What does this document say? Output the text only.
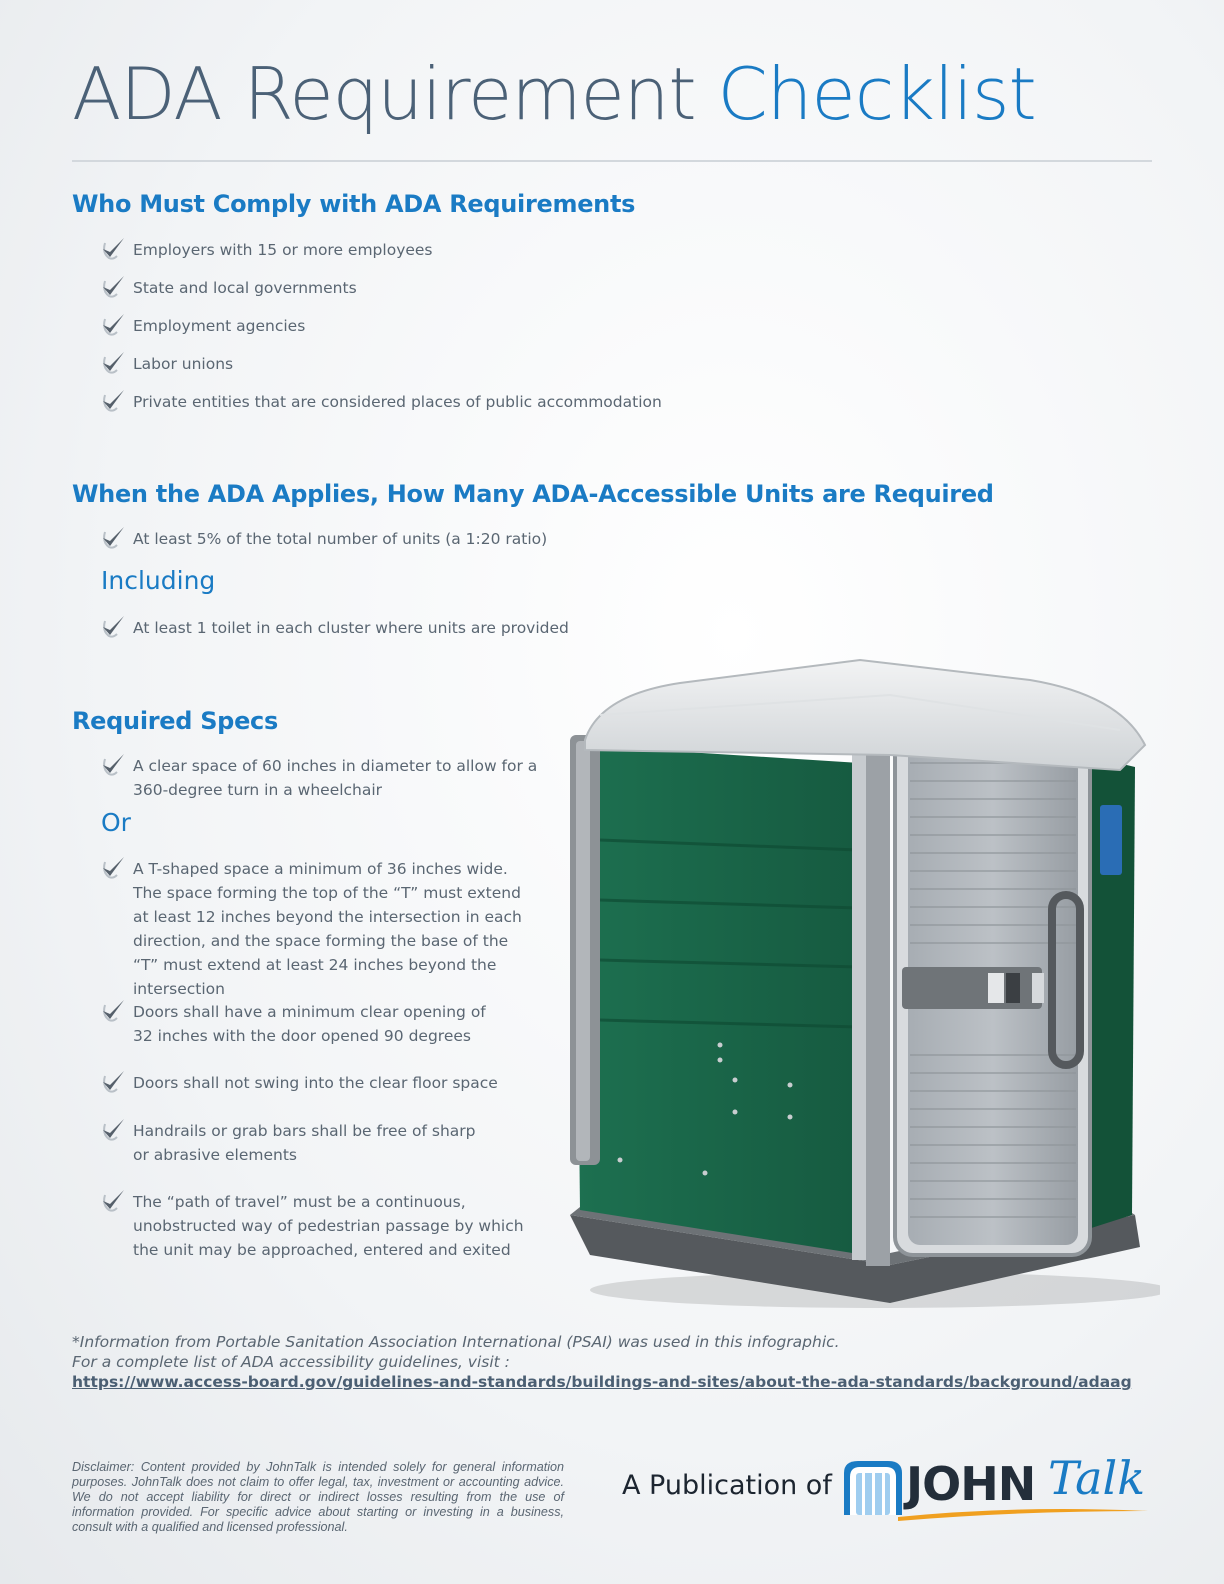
ADA Requirement Checklist
Who Must Comply with ADA Requirements
Employers with 15 or more employees
State and local governments
Employment agencies
Labor unions
Private entities that are considered places of public accommodation
When the ADA Applies, How Many ADA-Accessible Units are Required
At least 5% of the total number of units (a 1:20 ratio)
Including
At least 1 toilet in each cluster where units are provided
Required Specs
A clear space of 60 inches in diameter to allow for a 360-degree turn in a wheelchair
Or
A T-shaped space a minimum of 36 inches wide. The space forming the top of the “T” must extend at least 12 inches beyond the intersection in each direction, and the space forming the base of the “T” must extend at least 24 inches beyond the intersection
Doors shall have a minimum clear opening of 32 inches with the door opened 90 degrees
Doors shall not swing into the clear floor space
Handrails or grab bars shall be free of sharp or abrasive elements
The “path of travel” must be a continuous, unobstructed way of pedestrian passage by which the unit may be approached, entered and exited
*Information from Portable Sanitation Association International (PSAI) was used in this infographic.
For a complete list of ADA accessibility guidelines, visit :
https://www.access-board.gov/guidelines-and-standards/buildings-and-sites/about-the-ada-standards/background/adaag
Disclaimer: Content provided by JohnTalk is intended solely for general information purposes. JohnTalk does not claim to offer legal, tax, investment or accounting advice. We do not accept liability for direct or indirect losses resulting from the use of information provided. For specific advice about starting or investing in a business, consult with a qualified and licensed professional.
A Publication of JOHN Talk
